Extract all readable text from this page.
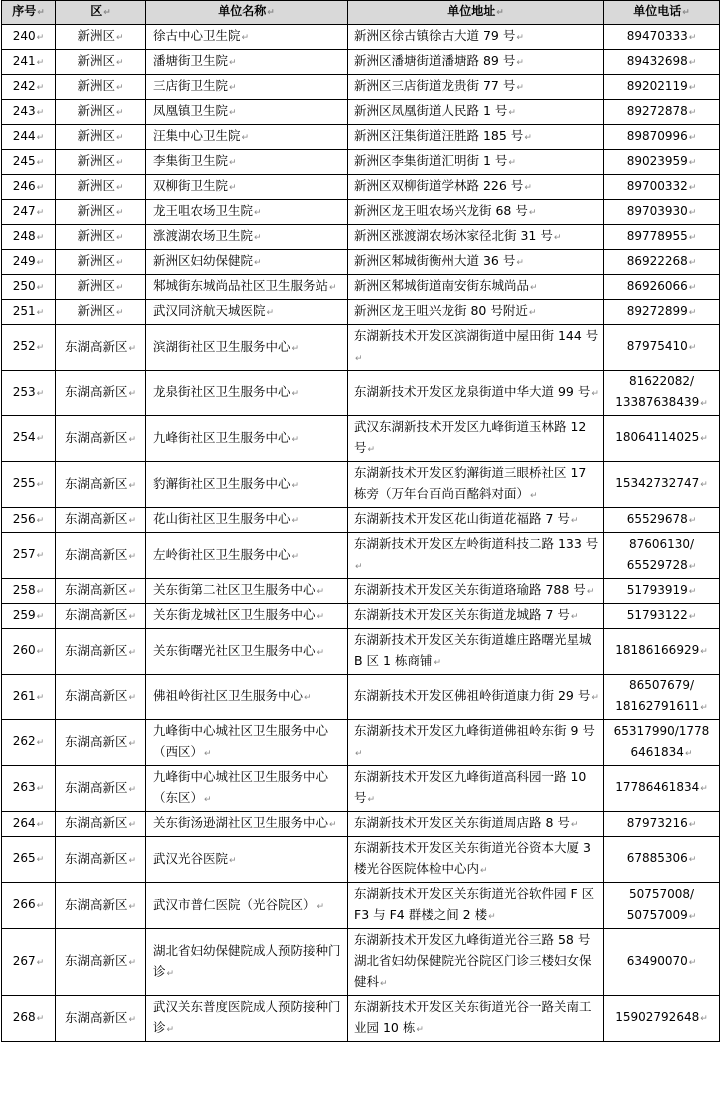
序号↵	区↵	单位名称↵	单位地址↵	单位电话↵
240↵	新洲区↵	徐古中心卫生院↵	新洲区徐古镇徐古大道 79 号↵	89470333↵
241↵	新洲区↵	潘塘街卫生院↵	新洲区潘塘街道潘塘路 89 号↵	89432698↵
242↵	新洲区↵	三店街卫生院↵	新洲区三店街道龙贵街 77 号↵	89202119↵
243↵	新洲区↵	凤凰镇卫生院↵	新洲区凤凰街道人民路 1 号↵	89272878↵
244↵	新洲区↵	汪集中心卫生院↵	新洲区汪集街道汪胜路 185 号↵	89870996↵
245↵	新洲区↵	李集街卫生院↵	新洲区李集街道汇明街 1 号↵	89023959↵
246↵	新洲区↵	双柳街卫生院↵	新洲区双柳街道学林路 226 号↵	89700332↵
247↵	新洲区↵	龙王咀农场卫生院↵	新洲区龙王咀农场兴龙街 68 号↵	89703930↵
248↵	新洲区↵	涨渡湖农场卫生院↵	新洲区涨渡湖农场沐家径北街 31 号↵	89778955↵
249↵	新洲区↵	新洲区妇幼保健院↵	新洲区邾城街衡州大道 36 号↵	86922268↵
250↵	新洲区↵	邾城街东城尚品社区卫生服务站↵	新洲区邾城街道南安街东城尚品↵	86926066↵
251↵	新洲区↵	武汉同济航天城医院↵	新洲区龙王咀兴龙街 80 号附近↵	89272899↵
252↵	东湖高新区↵	滨湖街社区卫生服务中心↵	东湖新技术开发区滨湖街道中屋田街 144 号↵	87975410↵
253↵	东湖高新区↵	龙泉街社区卫生服务中心↵	东湖新技术开发区龙泉街道中华大道 99 号↵	81622082/ 13387638439↵
254↵	东湖高新区↵	九峰街社区卫生服务中心↵	武汉东湖新技术开发区九峰街道玉林路 12 号↵	18064114025↵
255↵	东湖高新区↵	豹澥街社区卫生服务中心↵	东湖新技术开发区豹澥街道三眼桥社区 17 栋旁（万年台百尚百酩斜对面）↵	15342732747↵
256↵	东湖高新区↵	花山街社区卫生服务中心↵	东湖新技术开发区花山街道花福路 7 号↵	65529678↵
257↵	东湖高新区↵	左岭街社区卫生服务中心↵	东湖新技术开发区左岭街道科技二路 133 号↵	87606130/ 65529728↵
258↵	东湖高新区↵	关东街第二社区卫生服务中心↵	东湖新技术开发区关东街道珞瑜路 788 号↵	51793919↵
259↵	东湖高新区↵	关东街龙城社区卫生服务中心↵	东湖新技术开发区关东街道龙城路 7 号↵	51793122↵
260↵	东湖高新区↵	关东街曙光社区卫生服务中心↵	东湖新技术开发区关东街道雄庄路曙光星城 B 区 1 栋商铺↵	18186166929↵
261↵	东湖高新区↵	佛祖岭街社区卫生服务中心↵	东湖新技术开发区佛祖岭街道康力街 29 号↵	86507679/ 18162791611↵
262↵	东湖高新区↵	九峰街中心城社区卫生服务中心（西区）↵	东湖新技术开发区九峰街道佛祖岭东街 9 号↵	65317990/1778 6461834↵
263↵	东湖高新区↵	九峰街中心城社区卫生服务中心（东区）↵	东湖新技术开发区九峰街道高科园一路 10 号↵	17786461834↵
264↵	东湖高新区↵	关东街汤逊湖社区卫生服务中心↵	东湖新技术开发区关东街道周店路 8 号↵	87973216↵
265↵	东湖高新区↵	武汉光谷医院↵	东湖新技术开发区关东街道光谷资本大厦 3 楼光谷医院体检中心内↵	67885306↵
266↵	东湖高新区↵	武汉市普仁医院（光谷院区）↵	东湖新技术开发区关东街道光谷软件园 F 区 F3 与 F4 群楼之间 2 楼↵	50757008/ 50757009↵
267↵	东湖高新区↵	湖北省妇幼保健院成人预防接种门诊↵	东湖新技术开发区九峰街道光谷三路 58 号湖北省妇幼保健院光谷院区门诊三楼妇女保健科↵	63490070↵
268↵	东湖高新区↵	武汉关东普度医院成人预防接种门诊↵	东湖新技术开发区关东街道光谷一路关南工业园 10 栋↵	15902792648↵
